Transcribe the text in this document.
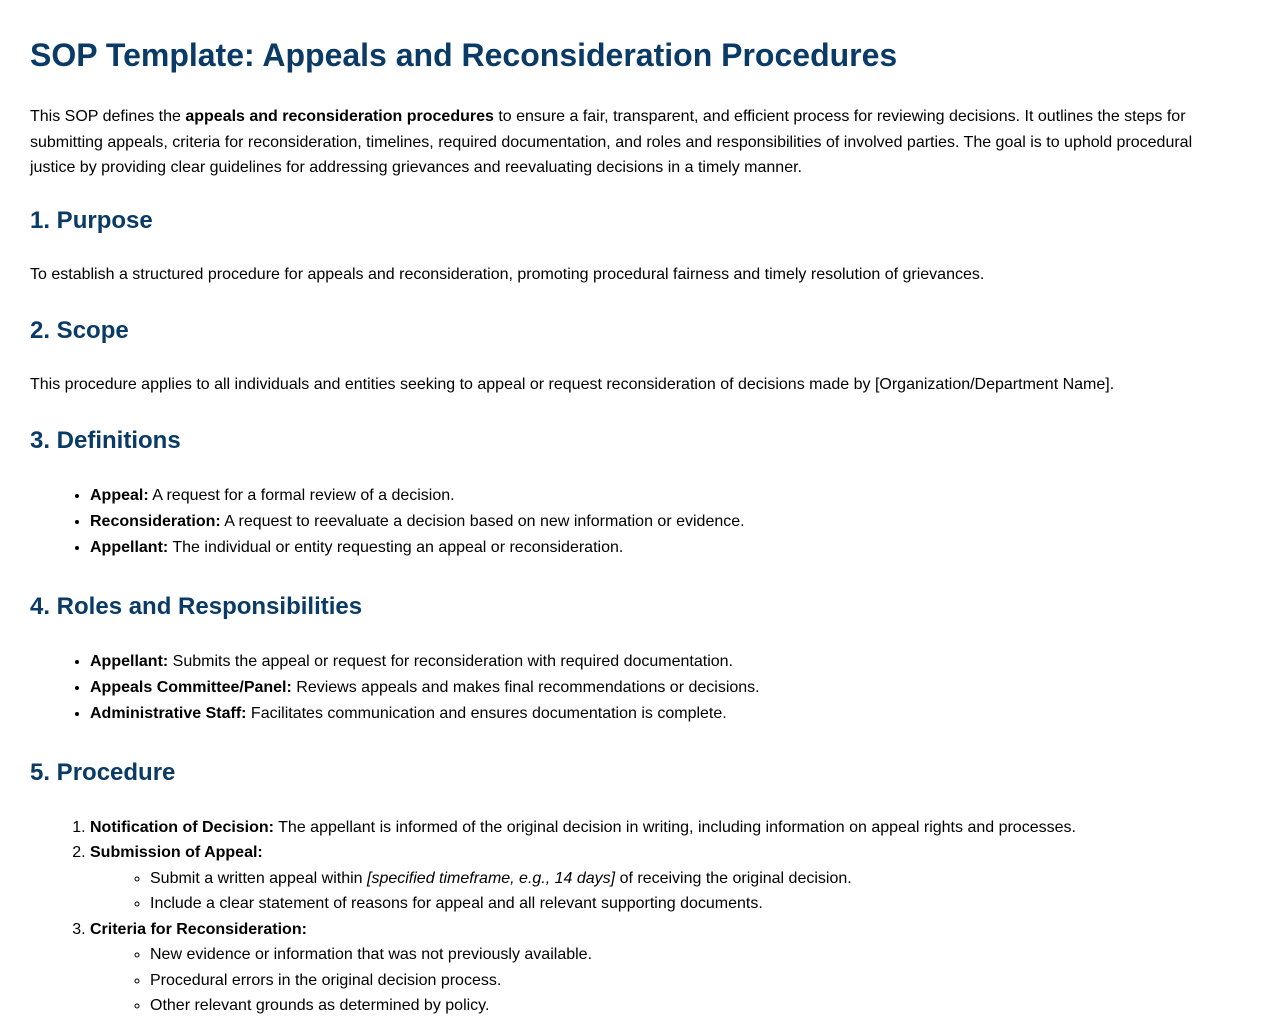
SOP Template: Appeals and Reconsideration Procedures

This SOP defines the appeals and reconsideration procedures to ensure a fair, transparent, and efficient process for reviewing decisions. It outlines the steps for submitting appeals, criteria for reconsideration, timelines, required documentation, and roles and responsibilities of involved parties. The goal is to uphold procedural justice by providing clear guidelines for addressing grievances and reevaluating decisions in a timely manner.

1. Purpose

To establish a structured procedure for appeals and reconsideration, promoting procedural fairness and timely resolution of grievances.

2. Scope

This procedure applies to all individuals and entities seeking to appeal or request reconsideration of decisions made by [Organization/Department Name].

3. Definitions
• Appeal: A request for a formal review of a decision.
• Reconsideration: A request to reevaluate a decision based on new information or evidence.
• Appellant: The individual or entity requesting an appeal or reconsideration.
4. Roles and Responsibilities
• Appellant: Submits the appeal or request for reconsideration with required documentation.
• Appeals Committee/Panel: Reviews appeals and makes final recommendations or decisions.
• Administrative Staff: Facilitates communication and ensures documentation is complete.
5. Procedure
1. Notification of Decision: The appellant is informed of the original decision in writing, including information on appeal rights and processes.
2. Submission of Appeal:
◦ Submit a written appeal within [specified timeframe, e.g., 14 days] of receiving the original decision.
◦ Include a clear statement of reasons for appeal and all relevant supporting documents.
3. Criteria for Reconsideration:
◦ New evidence or information that was not previously available.
◦ Procedural errors in the original decision process.
◦ Other relevant grounds as determined by policy.
